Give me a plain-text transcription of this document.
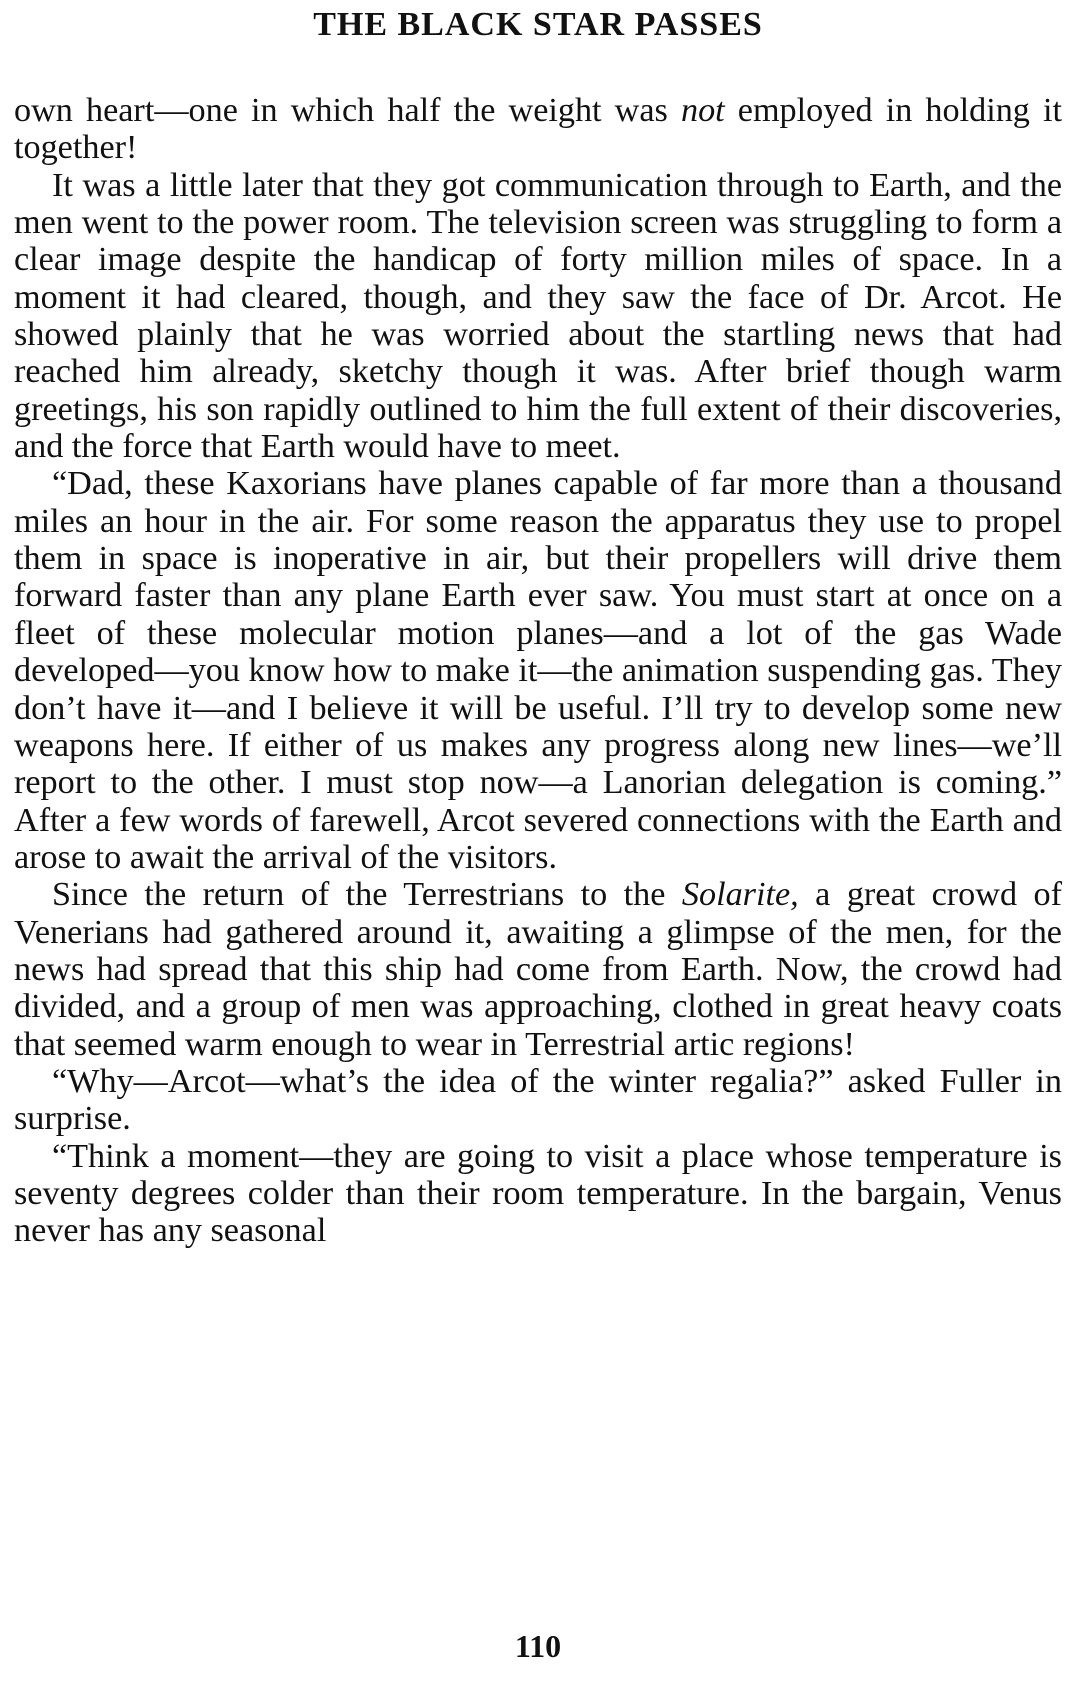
THE BLACK STAR PASSES

own heart—one in which half the weight was not employed in holding it together!

It was a little later that they got communication through to Earth, and the men went to the power room. The television screen was struggling to form a clear image despite the handicap of forty million miles of space. In a moment it had cleared, though, and they saw the face of Dr. Arcot. He showed plainly that he was worried about the startling news that had reached him already, sketchy though it was. After brief though warm greetings, his son rapidly outlined to him the full extent of their discoveries, and the force that Earth would have to meet.

“Dad, these Kaxorians have planes capable of far more than a thousand miles an hour in the air. For some reason the apparatus they use to propel them in space is inoperative in air, but their propellers will drive them forward faster than any plane Earth ever saw. You must start at once on a fleet of these molecular motion planes—and a lot of the gas Wade developed—you know how to make it—the animation suspending gas. They don’t have it—and I believe it will be useful. I’ll try to develop some new weapons here. If either of us makes any progress along new lines—we’ll report to the other. I must stop now—a Lanorian delegation is coming.” After a few words of farewell, Arcot severed connections with the Earth and arose to await the arrival of the visitors.

Since the return of the Terrestrians to the Solarite, a great crowd of Venerians had gathered around it, awaiting a glimpse of the men, for the news had spread that this ship had come from Earth. Now, the crowd had divided, and a group of men was approaching, clothed in great heavy coats that seemed warm enough to wear in Terrestrial artic regions!

“Why—Arcot—what’s the idea of the winter regalia?” asked Fuller in surprise.

“Think a moment—they are going to visit a place whose temperature is seventy degrees colder than their room temperature. In the bargain, Venus never has any seasonal

110
